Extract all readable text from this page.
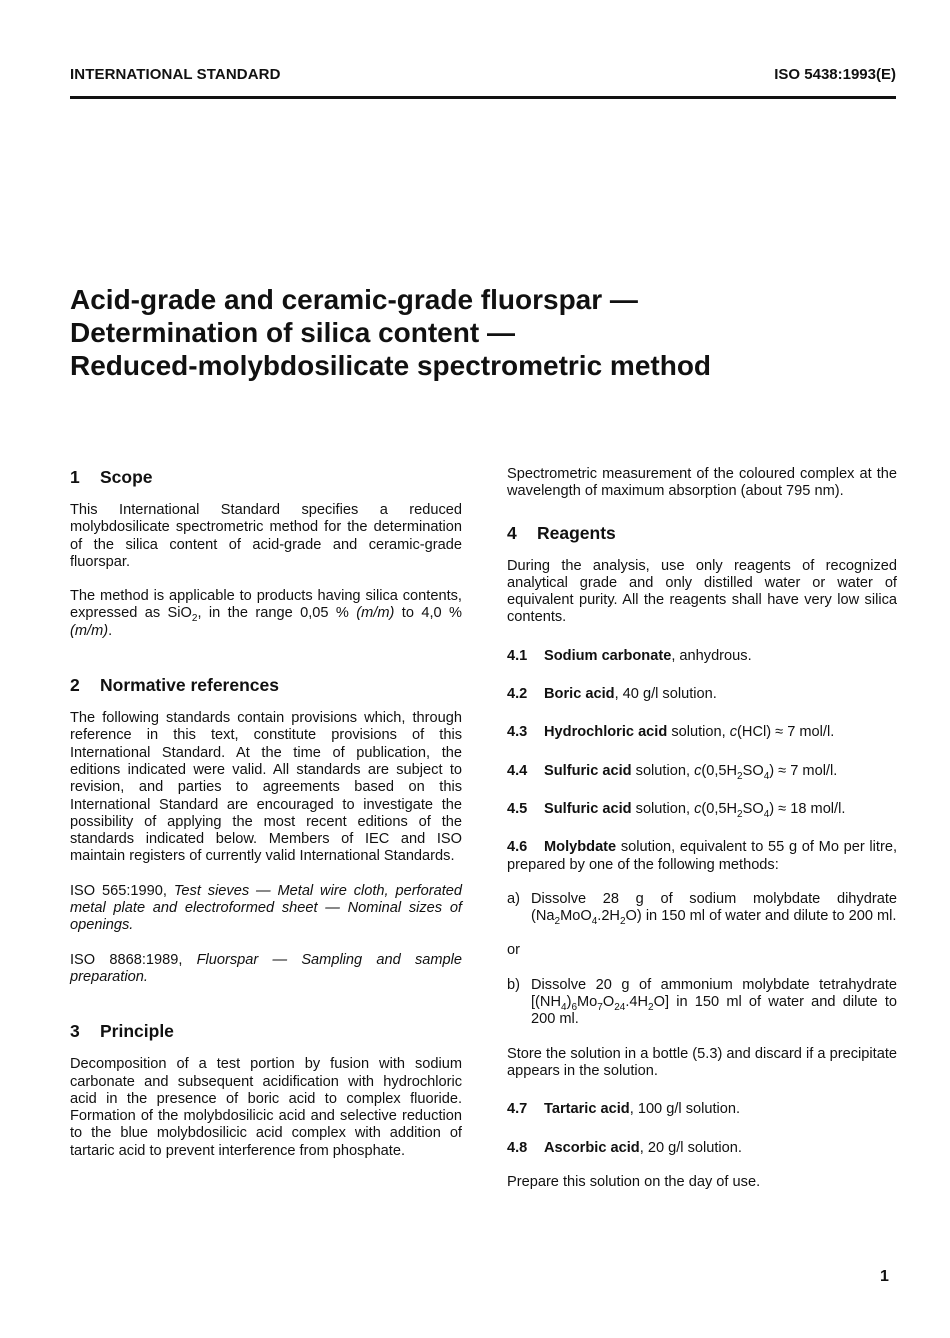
INTERNATIONAL STANDARD	ISO 5438:1993(E)
Acid-grade and ceramic-grade fluorspar —
Determination of silica content —
Reduced-molybdosilicate spectrometric method
1 Scope

This International Standard specifies a reduced molybdosilicate spectrometric method for the determination of the silica content of acid-grade and ceramic-grade fluorspar.

The method is applicable to products having silica contents, expressed as SiO$_2$, in the range 0,05 % (m/m) to 4,0 % (m/m).

2 Normative references

The following standards contain provisions which, through reference in this text, constitute provisions of this International Standard. At the time of publication, the editions indicated were valid. All standards are subject to revision, and parties to agreements based on this International Standard are encouraged to investigate the possibility of applying the most recent editions of the standards indicated below. Members of IEC and ISO maintain registers of currently valid International Standards.

ISO 565:1990, Test sieves — Metal wire cloth, perforated metal plate and electroformed sheet — Nominal sizes of openings.

ISO 8868:1989, Fluorspar — Sampling and sample preparation.

3 Principle

Decomposition of a test portion by fusion with sodium carbonate and subsequent acidification with hydrochloric acid in the presence of boric acid to complex fluoride. Formation of the molybdosilicic acid and selective reduction to the blue molybdosilicic acid complex with addition of tartaric acid to prevent interference from phosphate.

Spectrometric measurement of the coloured complex at the wavelength of maximum absorption (about 795 nm).

4 Reagents

During the analysis, use only reagents of recognized analytical grade and only distilled water or water of equivalent purity. All the reagents shall have very low silica contents.

4.1 Sodium carbonate, anhydrous.

4.2 Boric acid, 40 g/l solution.

4.3 Hydrochloric acid solution, c(HCl) ≈ 7 mol/l.

4.4 Sulfuric acid solution, $c(0,5H_2SO_4) \approx 7$ mol/l.

4.5 Sulfuric acid solution, $c(0,5H_2SO_4) \approx 18$ mol/l.

4.6 Molybdate solution, equivalent to 55 g of Mo per litre, prepared by one of the following methods:

a) Dissolve 28 g of sodium molybdate dihydrate $(Na_2MoO_4.2H_2O)$ in 150 ml of water and dilute to 200 ml.

or

b) Dissolve 20 g of ammonium molybdate tetrahydrate $[(NH_4)_6Mo_7O_{24}.4H_2O]$ in 150 ml of water and dilute to 200 ml.

Store the solution in a bottle (5.3) and discard if a precipitate appears in the solution.

4.7 Tartaric acid, 100 g/l solution.

4.8 Ascorbic acid, 20 g/l solution.

Prepare this solution on the day of use.

1
